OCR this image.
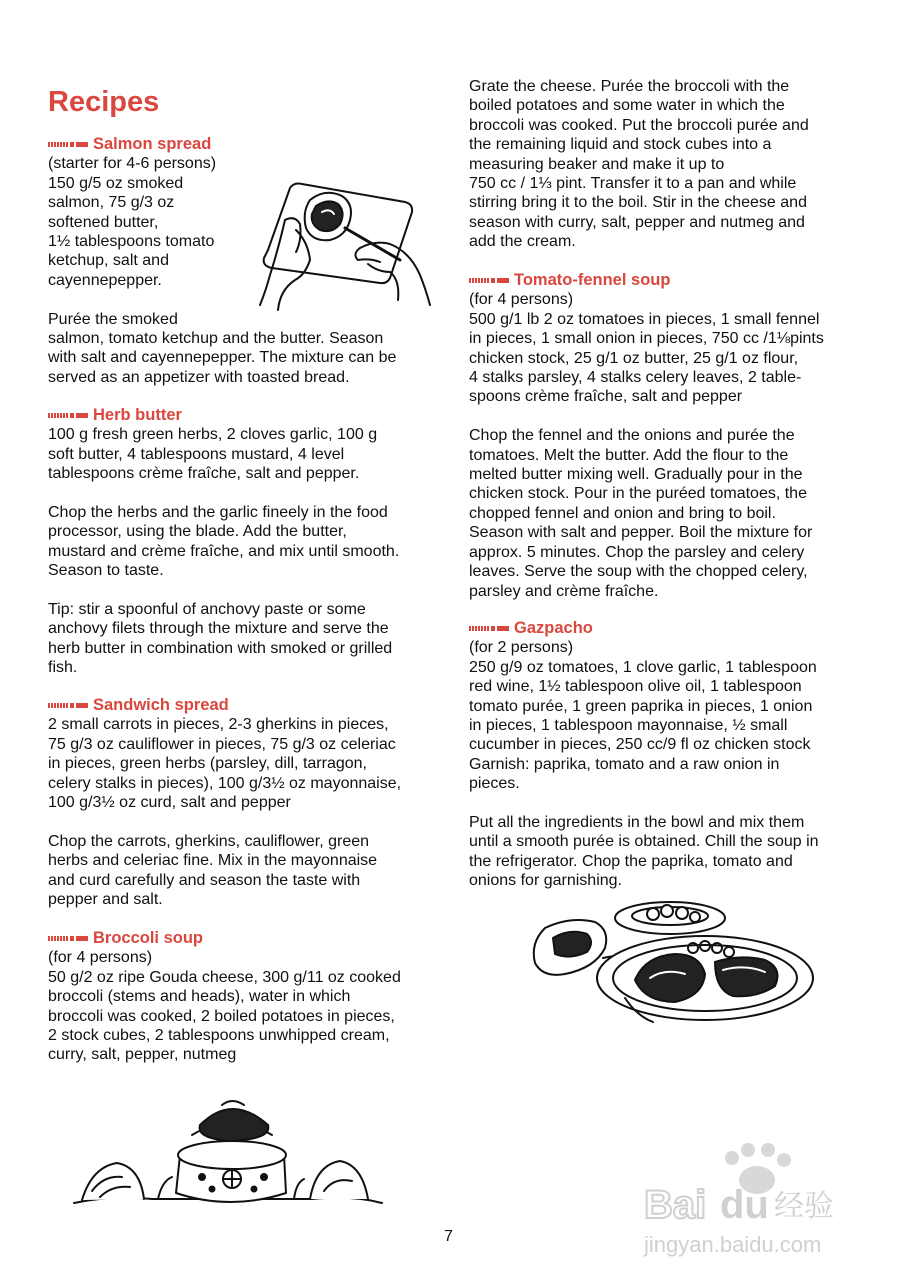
Recipes
Salmon spread
(starter for 4-6 persons)
150 g/5 oz smoked
salmon, 75 g/3 oz
softened butter,
1½ tablespoons tomato
ketchup, salt and
cayennepepper.

Purée the smoked
salmon, tomato ketchup and the butter. Season
with salt and cayennepepper. The mixture can be
served as an appetizer with toasted bread.
Herb butter
100 g fresh green herbs, 2 cloves garlic, 100 g
soft butter, 4 tablespoons mustard, 4 level
tablespoons crème fraîche, salt and pepper.

Chop the herbs and the garlic fineely in the food
processor, using the blade. Add the butter,
mustard and crème fraîche, and mix until smooth.
Season to taste.

Tip: stir a spoonful of anchovy paste or some
anchovy filets through the mixture and serve the
herb butter in combination with smoked or grilled
fish.
Sandwich spread
2 small carrots in pieces, 2-3 gherkins in pieces,
75 g/3 oz cauliflower in pieces, 75 g/3 oz celeriac
in pieces, green herbs (parsley, dill, tarragon,
celery stalks in pieces), 100 g/3½ oz mayonnaise,
100 g/3½ oz curd, salt and pepper

Chop the carrots, gherkins, cauliflower, green
herbs and celeriac fine. Mix in the mayonnaise
and curd carefully and season the taste with
pepper and salt.
Broccoli soup
(for 4 persons)
50 g/2 oz ripe Gouda cheese, 300 g/11 oz cooked
broccoli (stems and heads), water in which
broccoli was cooked, 2 boiled potatoes in pieces,
2 stock cubes, 2 tablespoons unwhipped cream,
curry, salt, pepper, nutmeg
Grate the cheese. Purée the broccoli with the
boiled potatoes and some water in which the
broccoli was cooked. Put the broccoli purée and
the remaining liquid and stock cubes into a
measuring beaker and make it up to
750 cc / 1⅓ pint. Transfer it to a pan and while
stirring bring it to the boil. Stir in the cheese and
season with curry, salt, pepper and nutmeg and
add the cream.
Tomato-fennel soup
(for 4 persons)
500 g/1 lb 2 oz tomatoes in pieces, 1 small fennel
in pieces, 1 small onion in pieces, 750 cc /1⅛pints
chicken stock, 25 g/1 oz butter, 25 g/1 oz flour,
4 stalks parsley, 4 stalks celery leaves, 2 table-
spoons crème fraîche, salt and pepper

Chop the fennel and the onions and purée the
tomatoes. Melt the butter. Add the flour to the
melted butter mixing well. Gradually pour in the
chicken stock. Pour in the puréed tomatoes, the
chopped fennel and onion and bring to boil.
Season with salt and pepper. Boil the mixture for
approx. 5 minutes. Chop the parsley and celery
leaves. Serve the soup with the chopped celery,
parsley and crème fraîche.
Gazpacho
(for 2 persons)
250 g/9 oz tomatoes, 1 clove garlic, 1 tablespoon
red wine, 1½ tablespoon olive oil, 1 tablespoon
tomato purée, 1 green paprika in pieces, 1 onion
in pieces, 1 tablespoon mayonnaise, ½ small
cucumber in pieces, 250 cc/9 fl oz chicken stock
Garnish: paprika, tomato and a raw onion in
pieces.

Put all the ingredients in the bowl and mix them
until a smooth purée is obtained. Chill the soup in
the refrigerator. Chop the paprika, tomato and
onions for garnishing.
Bai du 经验
jingyan.baidu.com
7
